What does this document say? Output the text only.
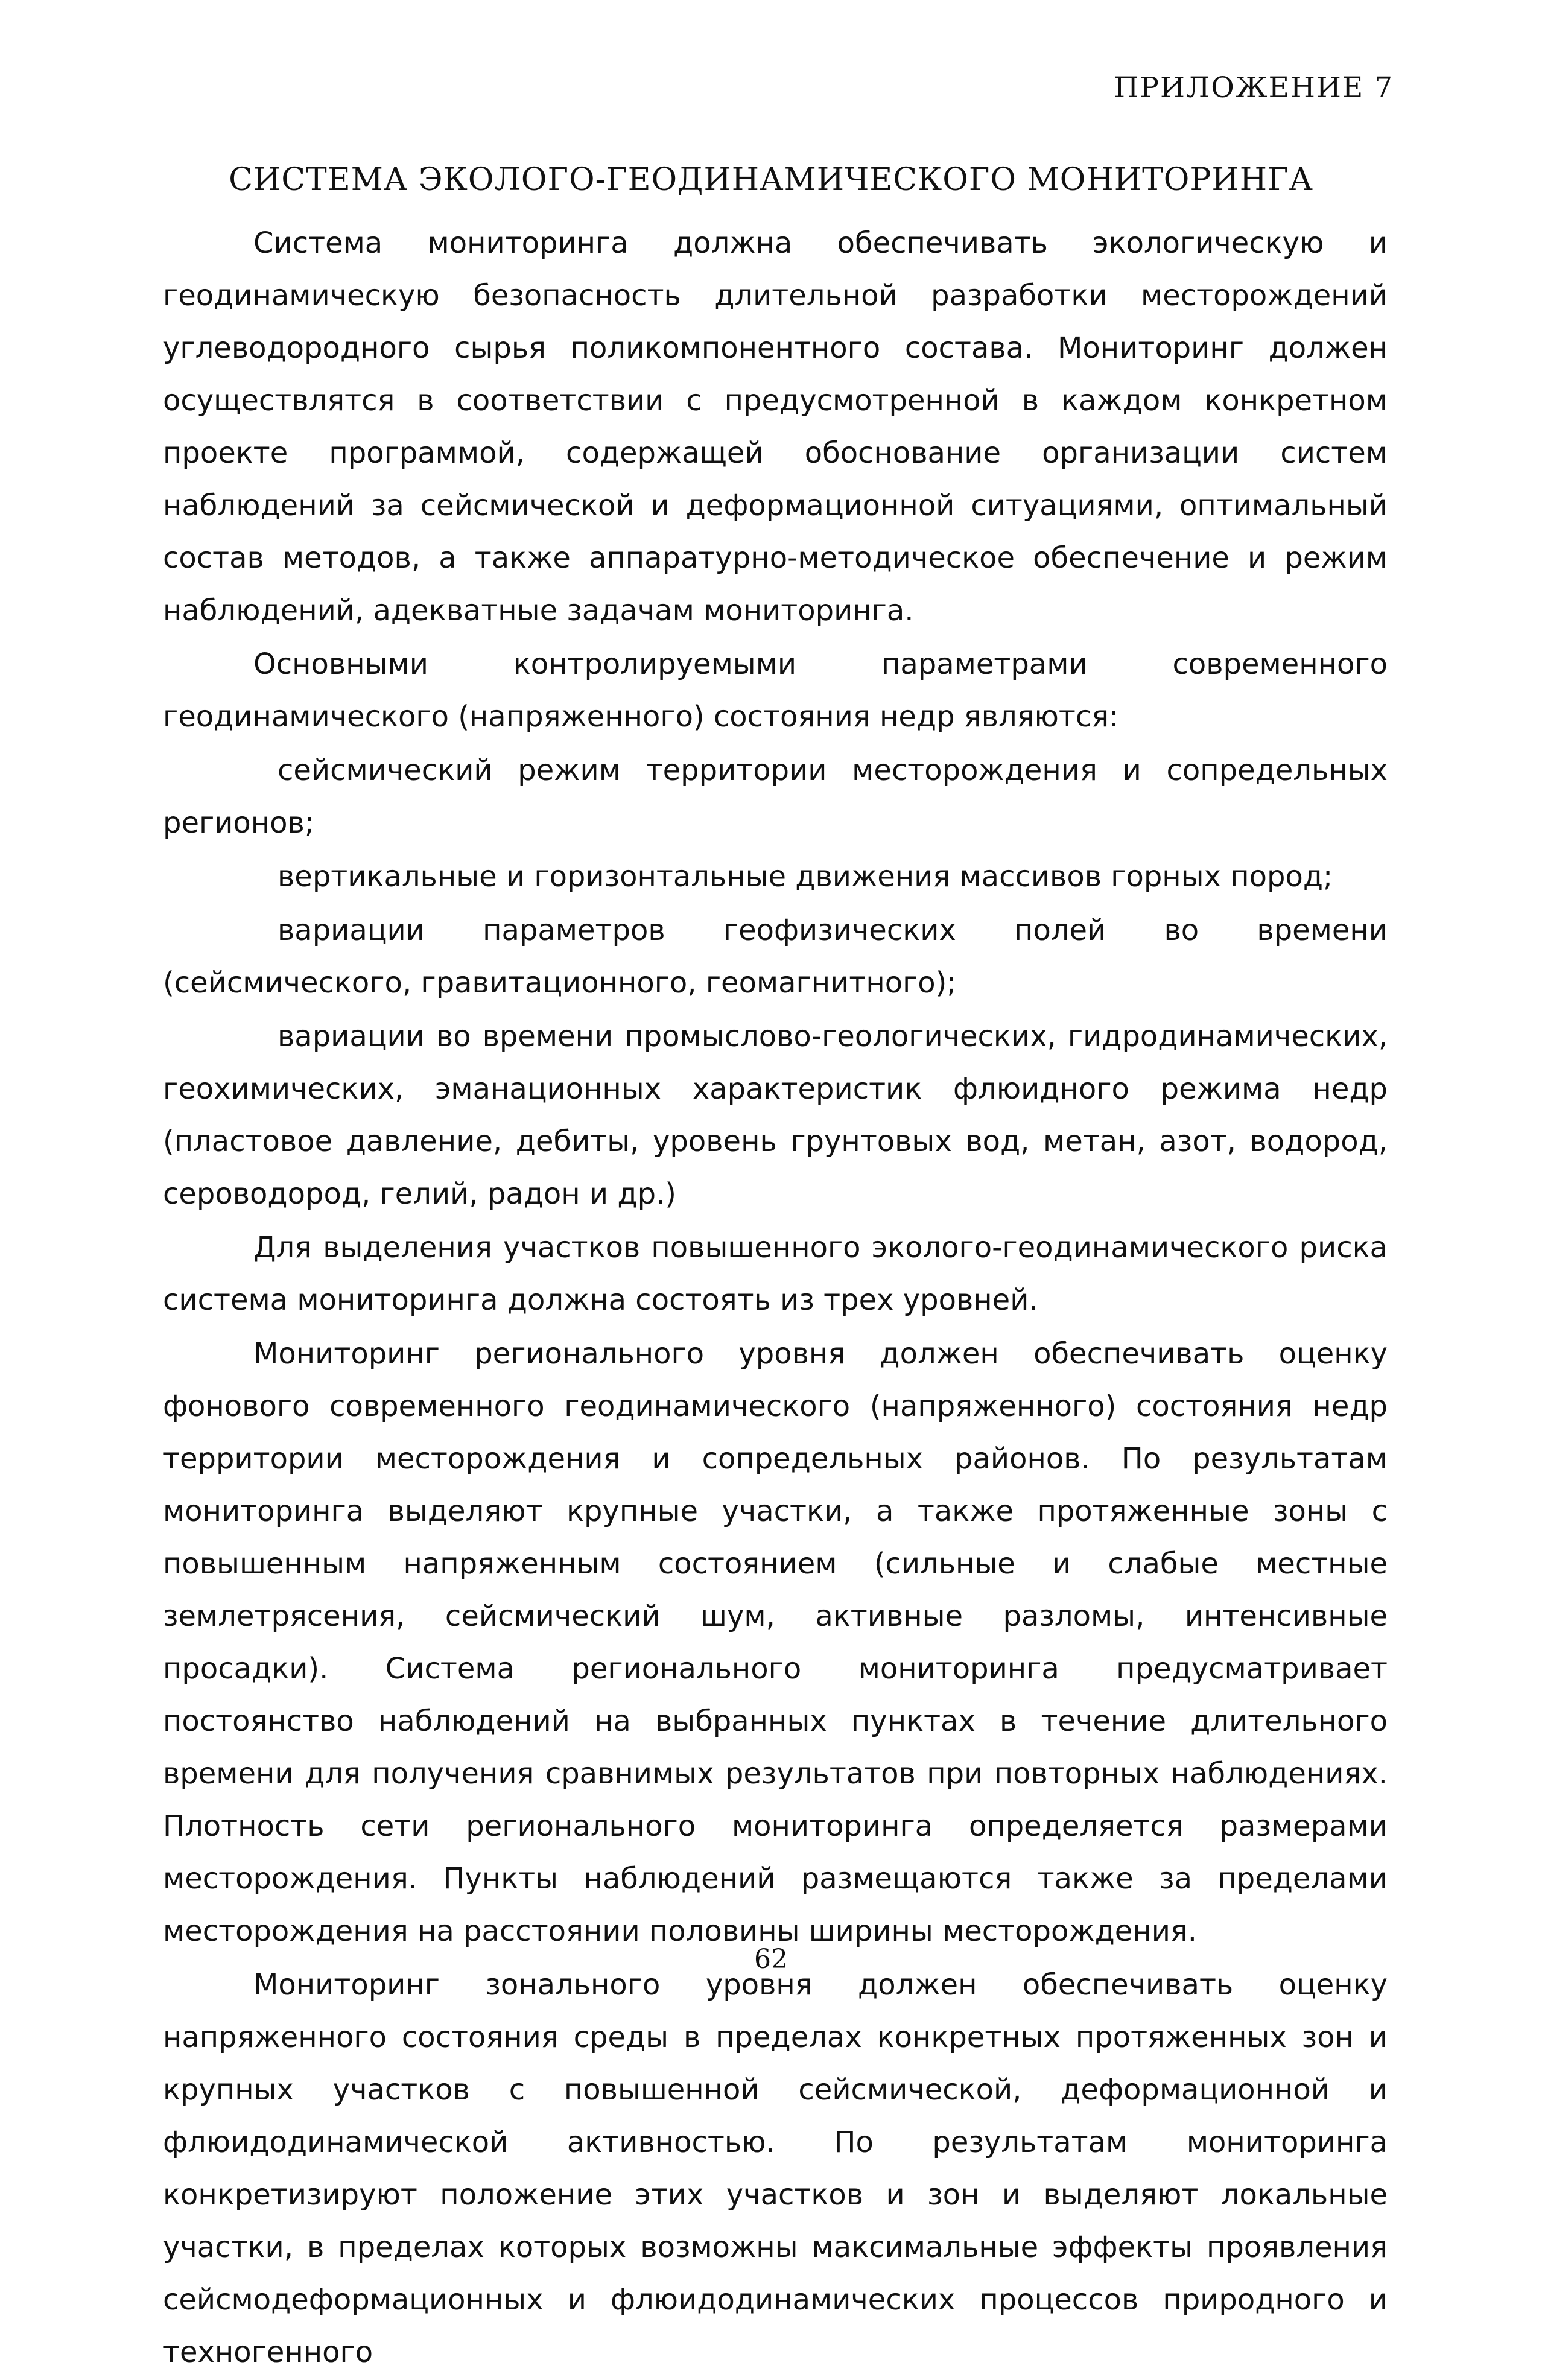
ПРИЛОЖЕНИЕ 7
СИСТЕМА ЭКОЛОГО-ГЕОДИНАМИЧЕСКОГО МОНИТОРИНГА

Система мониторинга должна обеспечивать экологическую и геодинамическую безопасность длительной разработки месторождений углеводородного сырья поликомпонентного состава. Мониторинг должен осуществлятся в соответствии с предусмотренной в каждом конкретном проекте программой, содержащей обоснование организации систем наблюдений за сейсмической и деформационной ситуациями, оптимальный состав методов, а также аппаратурно-методическое обеспечение и режим наблюдений, адекватные задачам мониторинга.

Основными контролируемыми параметрами современного геодинамического (напряженного) состояния недр являются:

сейсмический режим территории месторождения и сопредельных регионов;

вертикальные и горизонтальные движения массивов горных пород;

вариации параметров геофизических полей во времени (сейсмического, гравитационного, геомагнитного);

вариации во времени промыслово-геологических, гидродинамических, геохимических, эманационных характеристик флюидного режима недр (пластовое давление, дебиты, уровень грунтовых вод, метан, азот, водород, сероводород, гелий, радон и др.)

Для выделения участков повышенного эколого-геодинамического риска система мониторинга должна состоять из трех уровней.

Мониторинг регионального уровня должен обеспечивать оценку фонового современного геодинамического (напряженного) состояния недр территории месторождения и сопредельных районов. По результатам мониторинга выделяют крупные участки, а также протяженные зоны с повышенным напряженным состоянием (сильные и слабые местные землетрясения, сейсмический шум, активные разломы, интенсивные просадки). Система регионального мониторинга предусматривает постоянство наблюдений на выбранных пунктах в течение длительного времени для получения сравнимых результатов при повторных наблюдениях. Плотность сети регионального мониторинга определяется размерами месторождения. Пункты наблюдений размещаются также за пределами месторождения на расстоянии половины ширины месторождения.

Мониторинг зонального уровня должен обеспечивать оценку напряженного состояния среды в пределах конкретных протяженных зон и крупных участков с повышенной сейсмической, деформационной и флюидодинамической активностью. По результатам мониторинга конкретизируют положение этих участков и зон и выделяют локальные участки, в пределах которых возможны максимальные эффекты проявления сейсмодеформационных и флюидодинамических процессов природного и техногенного

62
